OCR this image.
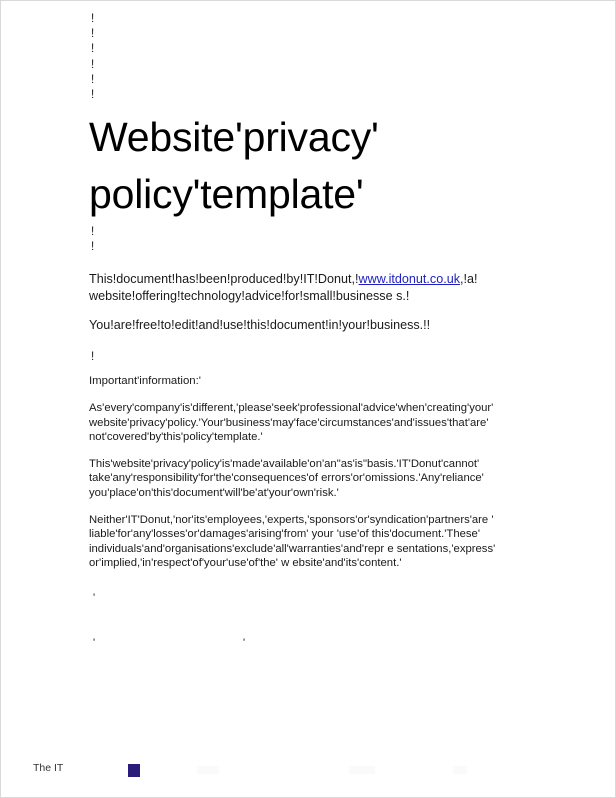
!
!
!
!
!
!
Website'privacy'
policy'template'
!
!

This!document!has!been!produced!by!IT!Donut,!www.itdonut.co.uk,!a!
website!offering!technology!advice!for!small!businesse s.!

You!are!free!to!edit!and!use!this!document!in!your!business.!!

!
Important'information:'

As'every'company'is'different,'please'seek'professional'advice'when'creating'your' website'privacy'policy.'Your'business'may'face'circumstances'and'issues'that'are' not'covered'by'this'policy'template.'

This'website'privacy'policy'is'made'available'on'an"as'is"basis.'IT'Donut'cannot' take'any'responsibility'for'the'consequences'of errors'or'omissions.'Any'reliance' you'place'on'this'document'will'be'at'your'own'risk.'

Neither'IT'Donut,'nor'its'employees,'experts,'sponsors'or'syndication'partners'are ' liable'for'any'losses'or'damages'arising'from' your 'use'of this'document.'These' individuals'and'organisations'exclude'all'warranties'and'repr e sentations,'express' or'implied,'in'respect'of'your'use'of'the' w ebsite'and'its'content.'

'
'	'
The IT
